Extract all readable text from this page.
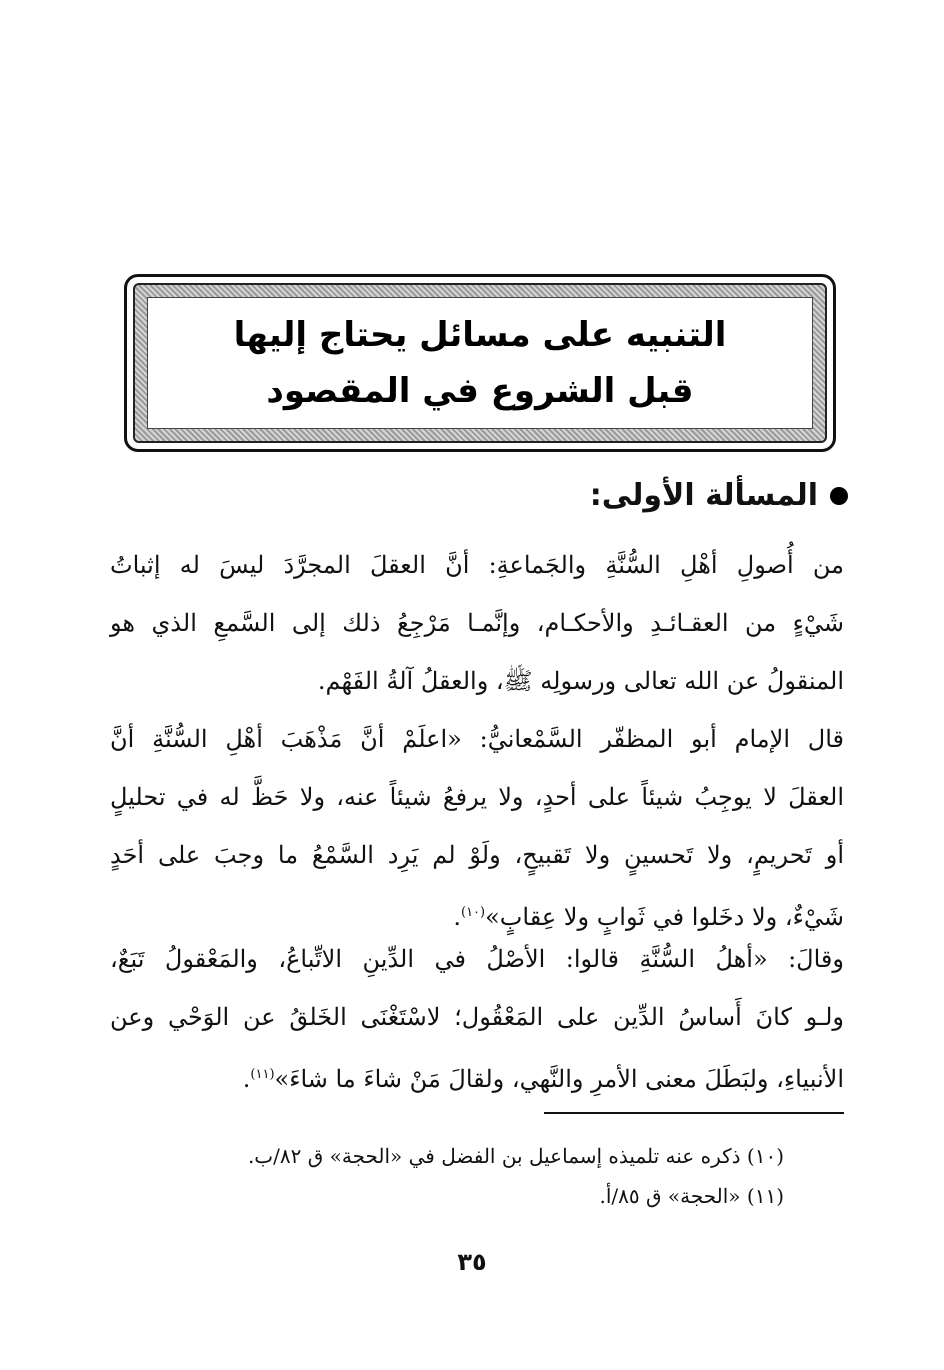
التنبيه على مسائل يحتاج إليها
قبل الشروع في المقصود
المسألة الأولى:
من أُصولِ أهْلِ السُّنَّةِ والجَماعةِ: أنَّ العقلَ المجرَّدَ ليسَ له إثباتُ
شَيْءٍ من العقـائـدِ والأحكـام، وإنَّمـا مَرْجِعُ ذلك إلى السَّمعِ الذي هو
المنقولُ عن الله تعالى ورسولِه ﷺ، والعقلُ آلةُ الفَهْم.
قال الإمام أبو المظفّر السَّمْعانيُّ: «اعلَمْ أنَّ مَذْهَبَ أهْلِ السُّنَّةِ أنَّ
العقلَ لا يوجِبُ شيئاً على أحدٍ، ولا يرفعُ شيئاً عنه، ولا حَظَّ له في تحليلٍ
أو تَحريمٍ، ولا تَحسينٍ ولا تَقبيحٍ، ولَوْ لم يَرِد السَّمْعُ ما وجبَ على أحَدٍ
شَيْءٌ، ولا دخَلوا في ثَوابٍ ولا عِقابٍ»$^{(١٠)}$.
وقالَ: «أهلُ السُّنَّةِ قالوا: الأصْلُ في الدِّينِ الاتِّباعُ، والمَعْقولُ تَبَعٌ،
ولـو كانَ أَساسُ الدِّين على المَعْقُول؛ لاسْتَغْنَى الخَلقُ عن الوَحْي وعن
الأنبياءِ، ولبَطَلَ معنى الأمرِ والنَّهي، ولقالَ مَنْ شاءَ ما شاءَ»$^{(١١)}$.
(١٠) ذكره عنه تلميذه إسماعيل بن الفضل في «الحجة» ق ٨٢/ب.
(١١) «الحجة» ق ٨٥/أ.
٣٥
